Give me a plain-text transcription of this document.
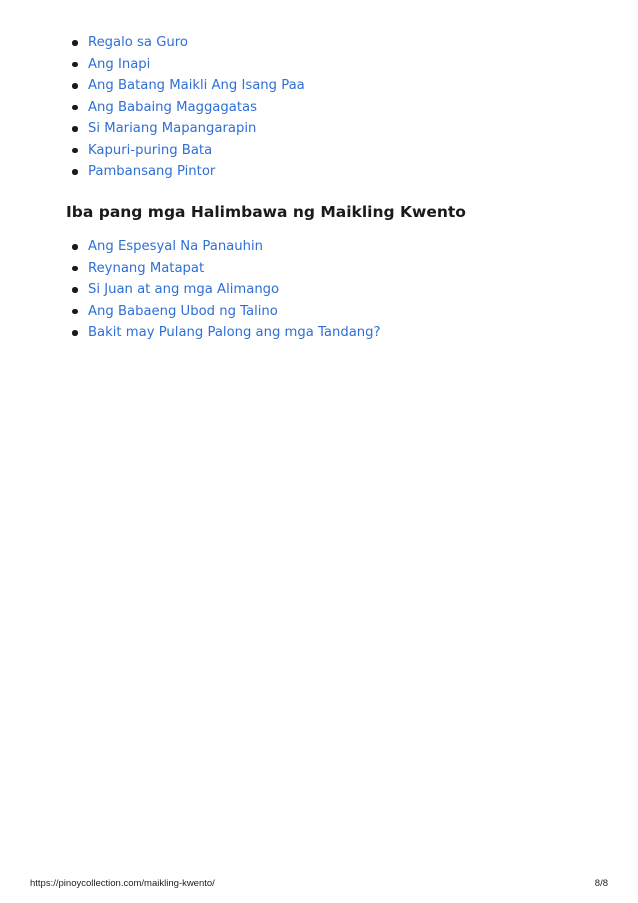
Regalo sa Guro
Ang Inapi
Ang Batang Maikli Ang Isang Paa
Ang Babaing Maggagatas
Si Mariang Mapangarapin
Kapuri-puring Bata
Pambansang Pintor
Iba pang mga Halimbawa ng Maikling Kwento
Ang Espesyal Na Panauhin
Reynang Matapat
Si Juan at ang mga Alimango
Ang Babaeng Ubod ng Talino
Bakit may Pulang Palong ang mga Tandang?
https://pinoycollection.com/maikling-kwento/	8/8
